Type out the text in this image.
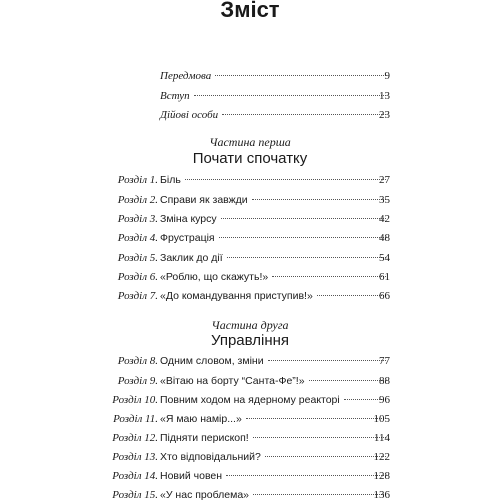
Зміст
Передмова	9
Вступ	13
Дійові особи	23
Частина перша
Почати спочатку
Розділ 1. Біль	27
Розділ 2. Справи як завжди	35
Розділ 3. Зміна курсу	42
Розділ 4. Фрустрація	48
Розділ 5. Заклик до дії	54
Розділ 6. «Роблю, що скажуть!»	61
Розділ 7. «До командування приступив!»	66
Частина друга
Управління
Розділ 8. Одним словом, зміни	77
Розділ 9. «Вітаю на борту “Санта-Фе”!»	88
Розділ 10. Повним ходом на ядерному реакторі	96
Розділ 11. «Я маю намір...»	105
Розділ 12. Підняти перископ!	114
Розділ 13. Хто відповідальний?	122
Розділ 14. Новий човен	128
Розділ 15. «У нас проблема»	136
